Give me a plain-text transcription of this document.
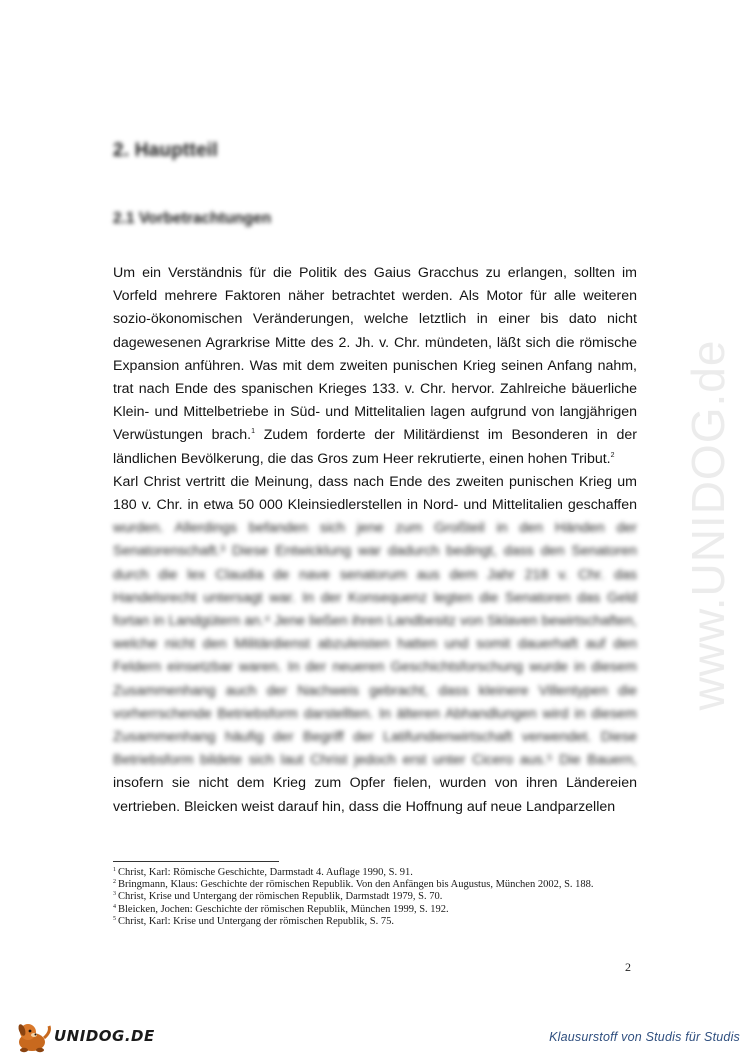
www.UNIDOG.de
2. Hauptteil
2.1 Vorbetrachtungen

Um ein Verständnis für die Politik des Gaius Gracchus zu erlangen, sollten im Vorfeld mehrere Faktoren näher betrachtet werden. Als Motor für alle weiteren sozio-ökonomischen Veränderungen, welche letztlich in einer bis dato nicht dagewesenen Agrarkrise Mitte des 2. Jh. v. Chr. mündeten, läßt sich die römische Expansion anführen. Was mit dem zweiten punischen Krieg seinen Anfang nahm, trat nach Ende des spanischen Krieges 133. v. Chr. hervor. Zahlreiche bäuerliche Klein- und Mittelbetriebe in Süd- und Mittelitalien lagen aufgrund von langjährigen Verwüstungen brach.$^1$ Zudem forderte der Militärdienst im Besonderen in der ländlichen Bevölkerung, die das Gros zum Heer rekrutierte, einen hohen Tribut.$^2$

Karl Christ vertritt die Meinung, dass nach Ende des zweiten punischen Krieg um 180 v. Chr. in etwa 50 000 Kleinsiedlerstellen in Nord- und Mittelitalien geschaffen wurden. Allerdings befanden sich jene zum Großteil in den Händen der Senatorenschaft.³ Diese Entwicklung war dadurch bedingt, dass den Senatoren durch die lex Claudia de nave senatorum aus dem Jahr 218 v. Chr. das Handelsrecht untersagt war. In der Konsequenz legten die Senatoren das Geld fortan in Landgütern an.⁴ Jene ließen ihren Landbesitz von Sklaven bewirtschaften, welche nicht den Militärdienst abzuleisten hatten und somit dauerhaft auf den Feldern einsetzbar waren. In der neueren Geschichtsforschung wurde in diesem Zusammenhang auch der Nachweis gebracht, dass kleinere Villentypen die vorherrschende Betriebsform darstellten. In älteren Abhandlungen wird in diesem Zusammenhang häufig der Begriff der Latifundienwirtschaft verwendet. Diese Betriebsform bildete sich laut Christ jedoch erst unter Cicero aus.⁵ Die Bauern, insofern sie nicht dem Krieg zum Opfer fielen, wurden von ihren Ländereien vertrieben. Bleicken weist darauf hin, dass die Hoffnung auf neue Landparzellen

$^1$ Christ, Karl: Römische Geschichte, Darmstadt 4. Auflage 1990, S. 91.

$^2$ Bringmann, Klaus: Geschichte der römischen Republik. Von den Anfängen bis Augustus, München 2002, S. 188.

$^3$ Christ, Krise und Untergang der römischen Republik, Darmstadt 1979, S. 70.

$^4$ Bleicken, Jochen: Geschichte der römischen Republik, München 1999, S. 192.

$^5$ Christ, Karl: Krise und Untergang der römischen Republik, S. 75.

2
UNIDOG.DE	Klausurstoff von Studis für Studis
